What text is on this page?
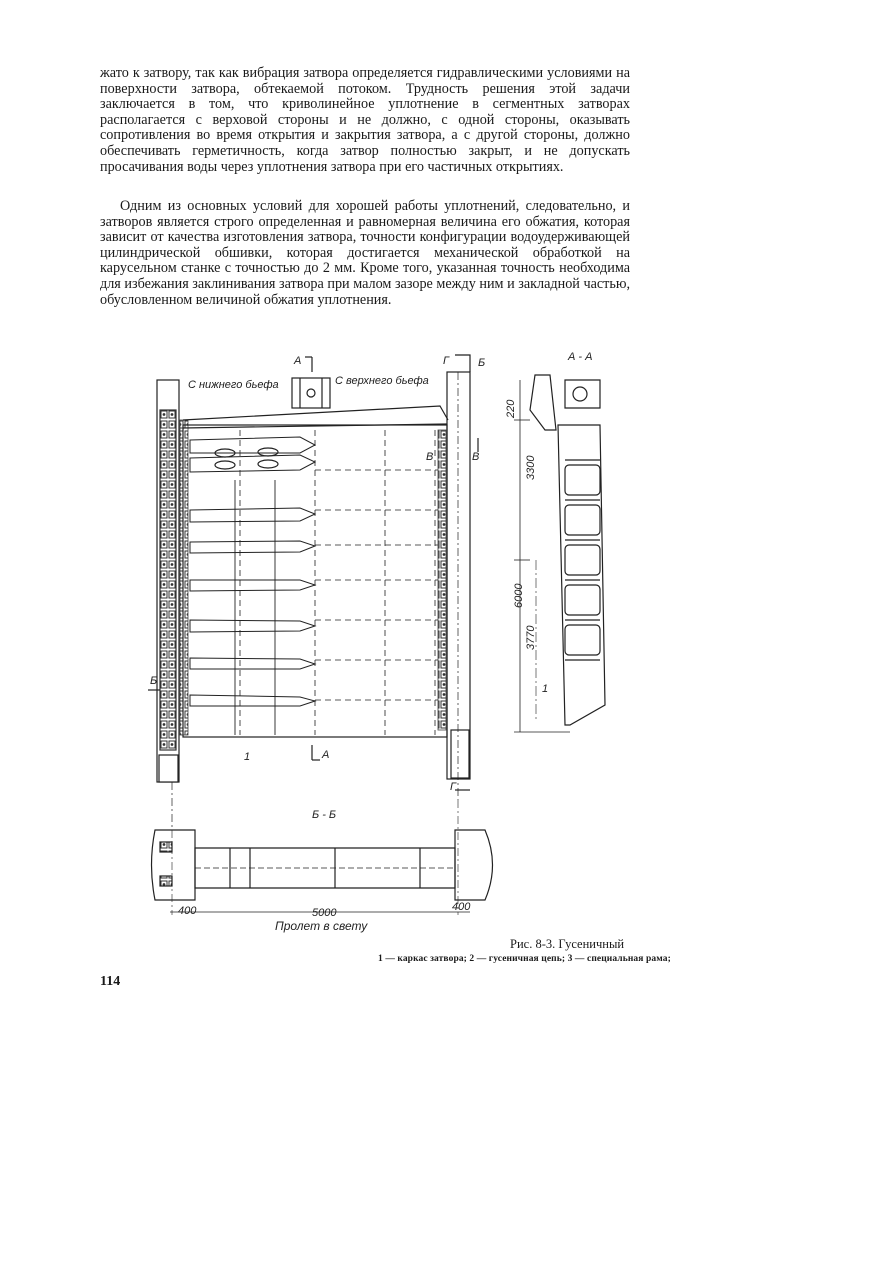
жато к затвору, так как вибрация затвора определяется гидравлическими условиями на поверхности затвора, обтекаемой потоком. Трудность решения этой задачи заключается в том, что криволинейное уплотнение в сегментных затворах располагается с верховой стороны и не должно, с одной стороны, оказывать сопротивления во время открытия и закрытия затвора, а с другой стороны, должно обеспечивать герметичность, когда затвор полностью закрыт, и не допускать просачивания воды через уплотнения затвора при его частичных открытиях.

Одним из основных условий для хорошей работы уплотнений, следовательно, и затворов является строго определенная и равномерная величина его обжатия, которая зависит от качества изготовления затвора, точности конфигурации водоудерживающей цилиндрической обшивки, которая достигается механической обработкой на карусельном станке с точностью до 2 мм. Кроме того, указанная точность необходима для избежания заклинивания затвора при малом зазоре между ним и закладной частью, обусловленном величиной обжатия уплотнения.

С нижнего бьефа	С верхнего бьефа
А	Г	Б
В	В
Б
А
Г
1
А - А
1
220
3300
6000
3770
Б - Б
400	400
5000
Пролет в свету
Рис. 8-3. Гусеничный
1 — каркас затвора; 2 — гусеничная цепь; 3 — специальная рама;
114
